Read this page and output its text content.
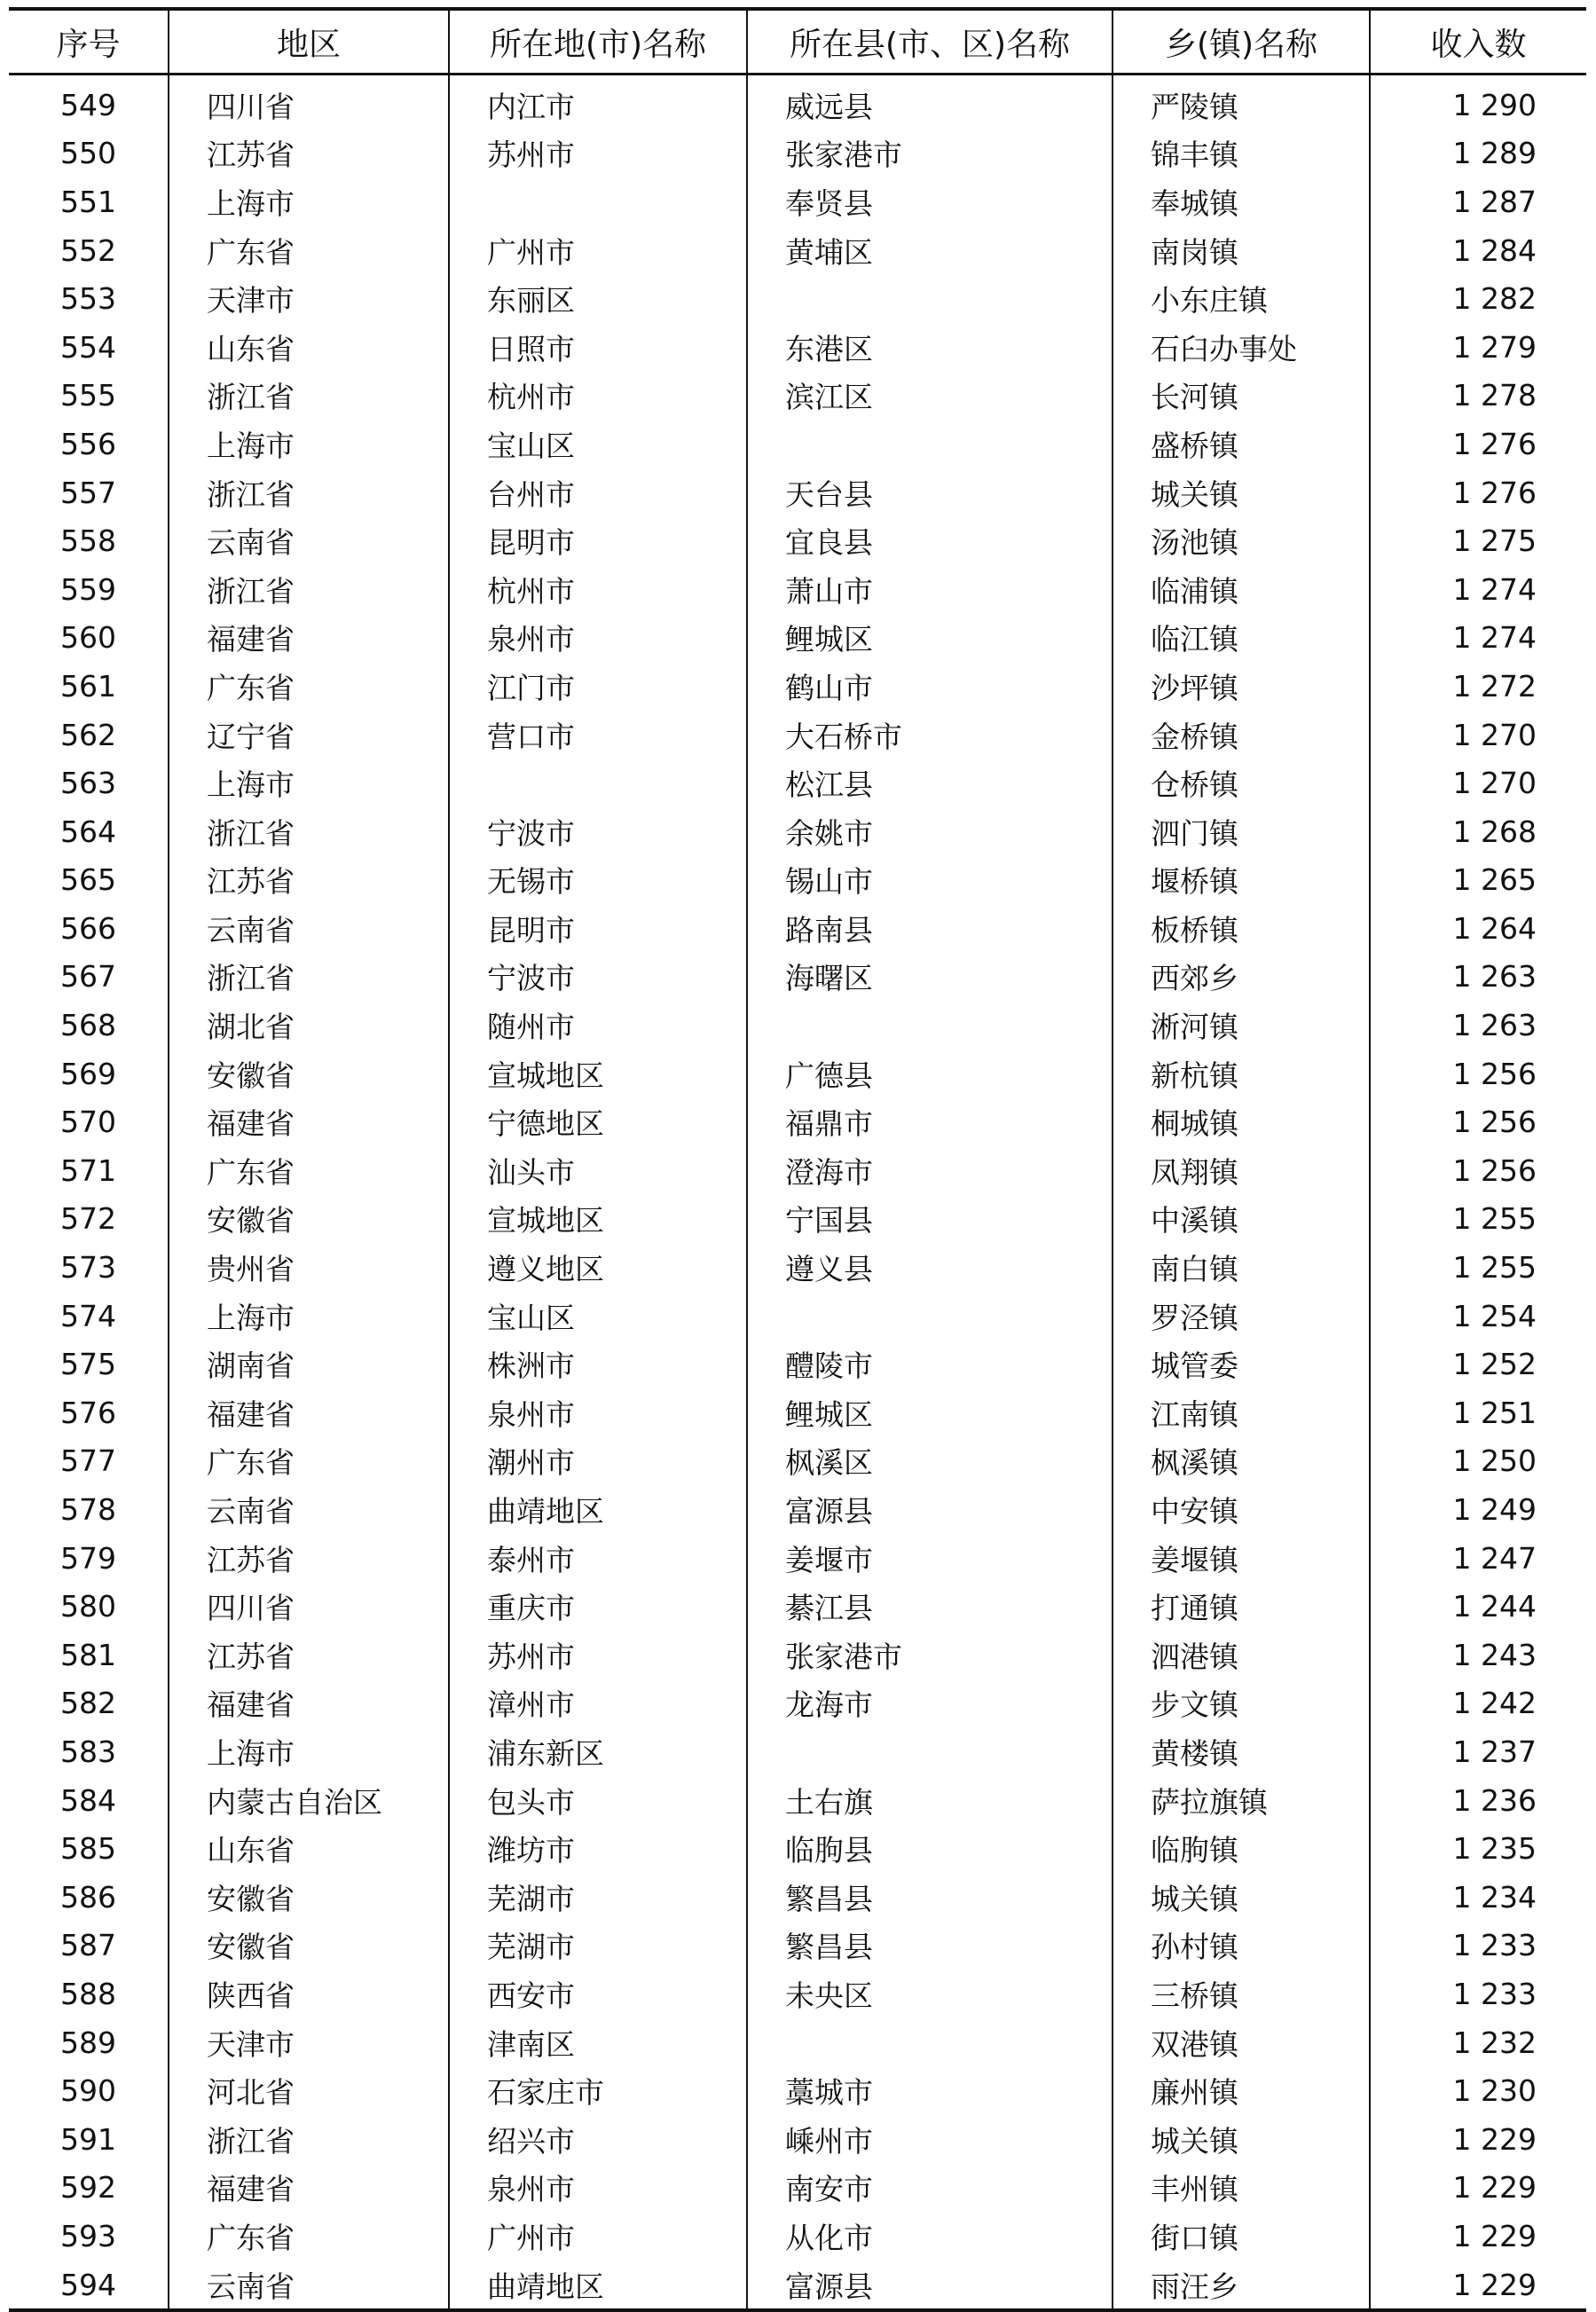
序号	地区	所在地(市)名称	所在县(市、区)名称	乡(镇)名称	收入数
549	四川省	内江市	威远县	严陵镇	1 290
550	江苏省	苏州市	张家港市	锦丰镇	1 289
551	上海市		奉贤县	奉城镇	1 287
552	广东省	广州市	黄埔区	南岗镇	1 284
553	天津市	东丽区		小东庄镇	1 282
554	山东省	日照市	东港区	石臼办事处	1 279
555	浙江省	杭州市	滨江区	长河镇	1 278
556	上海市	宝山区		盛桥镇	1 276
557	浙江省	台州市	天台县	城关镇	1 276
558	云南省	昆明市	宜良县	汤池镇	1 275
559	浙江省	杭州市	萧山市	临浦镇	1 274
560	福建省	泉州市	鲤城区	临江镇	1 274
561	广东省	江门市	鹤山市	沙坪镇	1 272
562	辽宁省	营口市	大石桥市	金桥镇	1 270
563	上海市		松江县	仓桥镇	1 270
564	浙江省	宁波市	余姚市	泗门镇	1 268
565	江苏省	无锡市	锡山市	堰桥镇	1 265
566	云南省	昆明市	路南县	板桥镇	1 264
567	浙江省	宁波市	海曙区	西郊乡	1 263
568	湖北省	随州市		淅河镇	1 263
569	安徽省	宣城地区	广德县	新杭镇	1 256
570	福建省	宁德地区	福鼎市	桐城镇	1 256
571	广东省	汕头市	澄海市	凤翔镇	1 256
572	安徽省	宣城地区	宁国县	中溪镇	1 255
573	贵州省	遵义地区	遵义县	南白镇	1 255
574	上海市	宝山区		罗泾镇	1 254
575	湖南省	株洲市	醴陵市	城管委	1 252
576	福建省	泉州市	鲤城区	江南镇	1 251
577	广东省	潮州市	枫溪区	枫溪镇	1 250
578	云南省	曲靖地区	富源县	中安镇	1 249
579	江苏省	泰州市	姜堰市	姜堰镇	1 247
580	四川省	重庆市	綦江县	打通镇	1 244
581	江苏省	苏州市	张家港市	泗港镇	1 243
582	福建省	漳州市	龙海市	步文镇	1 242
583	上海市	浦东新区		黄楼镇	1 237
584	内蒙古自治区	包头市	土右旗	萨拉旗镇	1 236
585	山东省	潍坊市	临朐县	临朐镇	1 235
586	安徽省	芜湖市	繁昌县	城关镇	1 234
587	安徽省	芜湖市	繁昌县	孙村镇	1 233
588	陕西省	西安市	未央区	三桥镇	1 233
589	天津市	津南区		双港镇	1 232
590	河北省	石家庄市	藁城市	廉州镇	1 230
591	浙江省	绍兴市	嵊州市	城关镇	1 229
592	福建省	泉州市	南安市	丰州镇	1 229
593	广东省	广州市	从化市	街口镇	1 229
594	云南省	曲靖地区	富源县	雨汪乡	1 229
